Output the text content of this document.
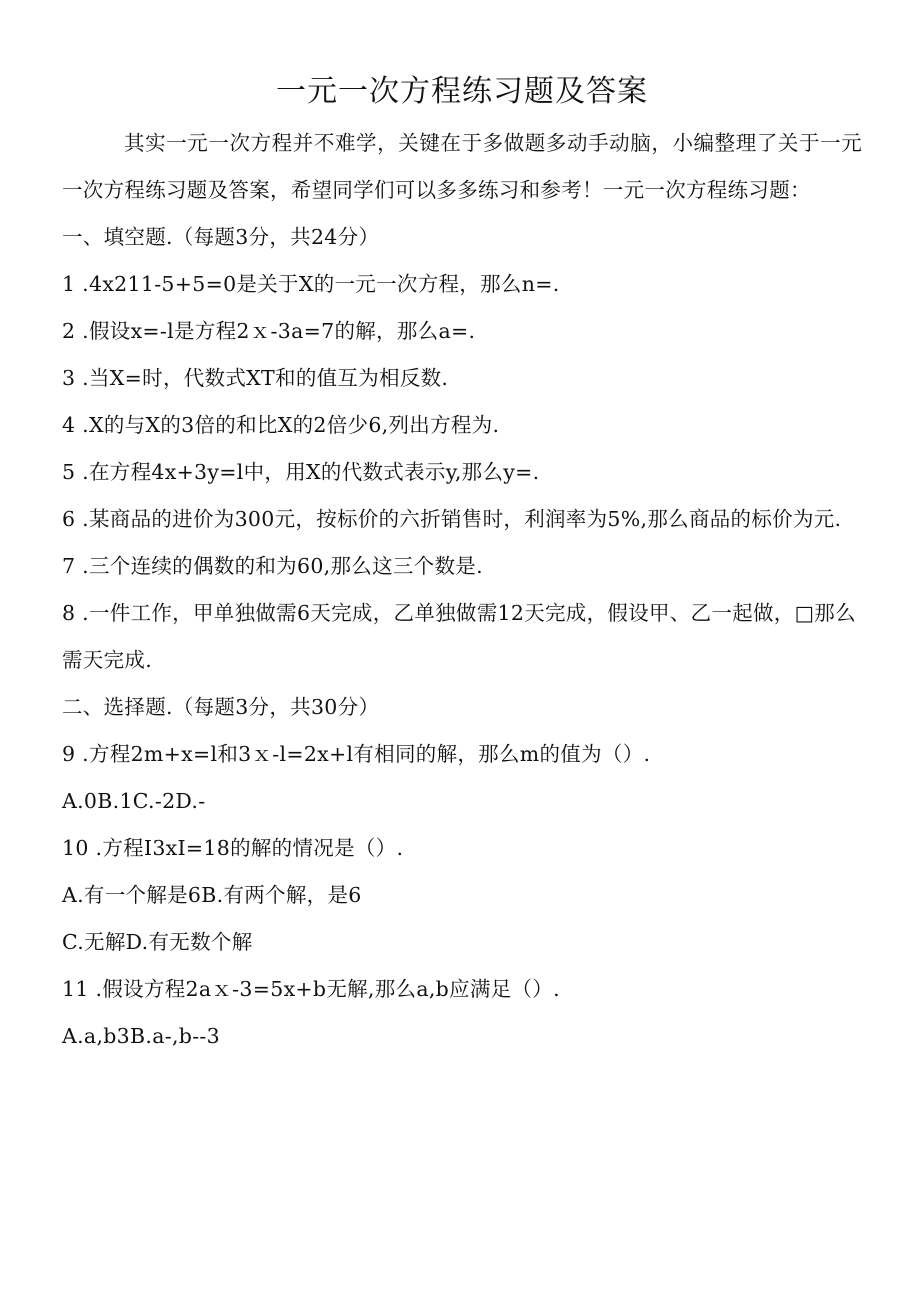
一元一次方程练习题及答案

其实一元一次方程并不难学，关键在于多做题多动手动脑，小编整理了关于一元一次方程练习题及答案，希望同学们可以多多练习和参考！一元一次方程练习题：

一、填空题.（每题3分，共24分）

1 .4x211-5+5=0是关于X的一元一次方程，那么n=.

2 .假设x=-l是方程2ｘ-3a=7的解，那么a=.

3 .当X=时，代数式XT和的值互为相反数.

4 .X的与X的3倍的和比X的2倍少6,列出方程为.

5 .在方程4x+3y=l中，用X的代数式表示y,那么y=.

6 .某商品的进价为300元，按标价的六折销售时，利润率为5%,那么商品的标价为元.

7 .三个连续的偶数的和为60,那么这三个数是.

8 .一件工作，甲单独做需6天完成，乙单独做需12天完成，假设甲、乙一起做，□那么需天完成.

二、选择题.（每题3分，共30分）

9 .方程2m+x=l和3ｘ-l=2x+l有相同的解，那么m的值为（）.

A.0B.1C.-2D.-

10 .方程I3xI=18的解的情况是（）.

A.有一个解是6B.有两个解，是6

C.无解D.有无数个解

11 .假设方程2aｘ-3=5x+b无解,那么a,b应满足（）.

A.a,b3B.a-,b--3
